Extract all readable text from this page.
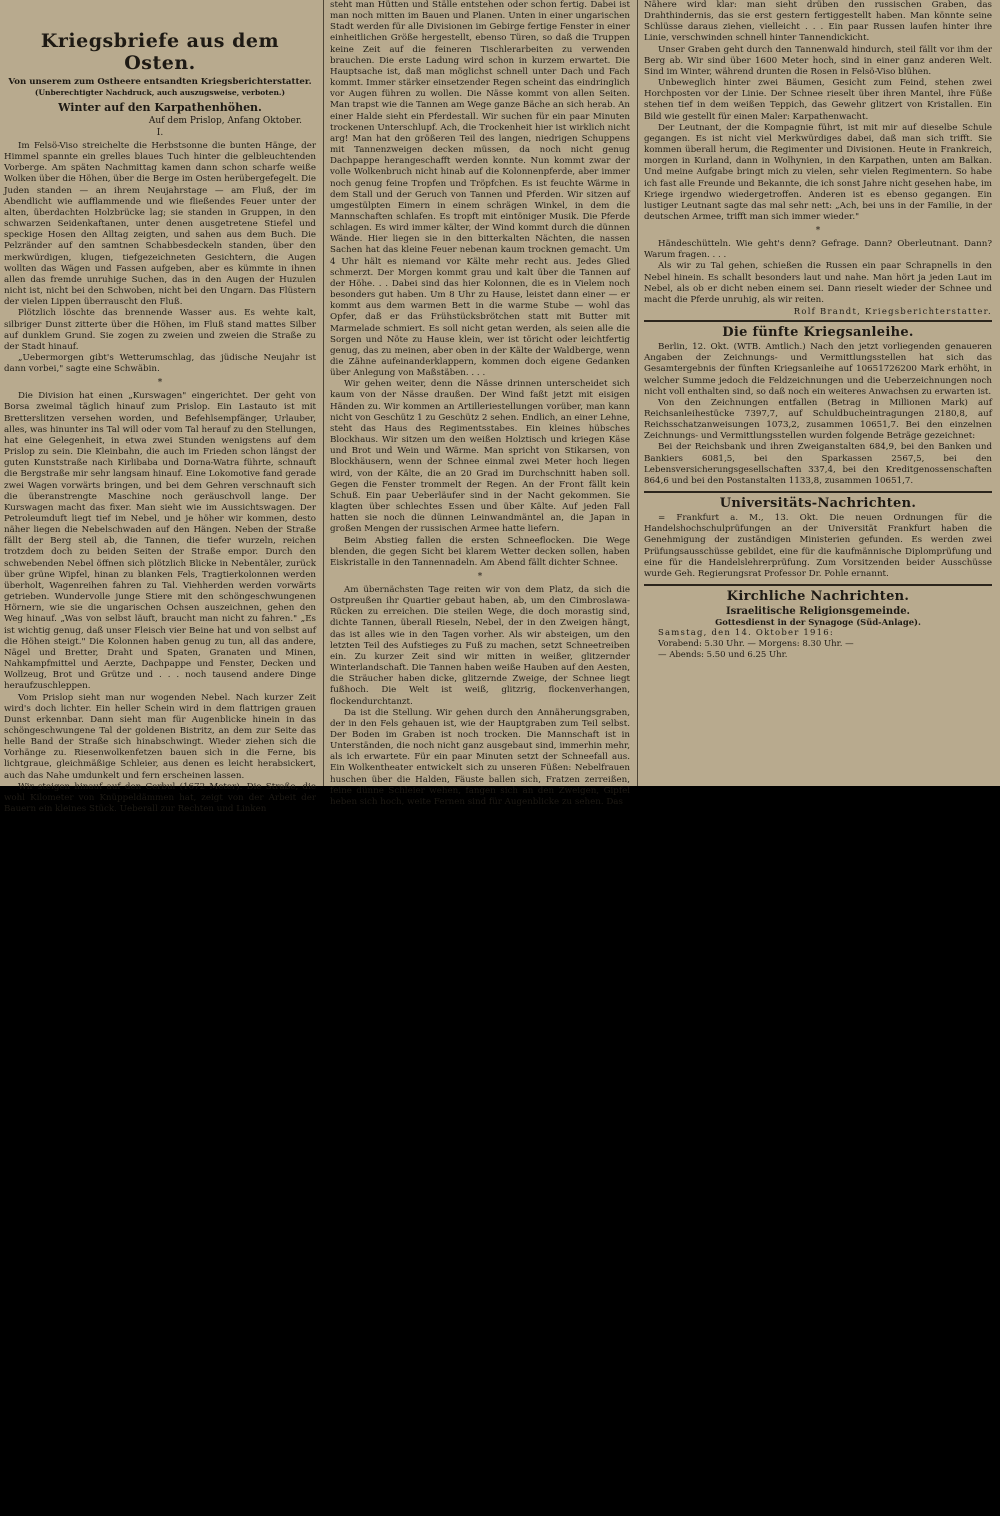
Kriegsbriefe aus dem Osten.
Von unserem zum Ostheere entsandten Kriegsberichterstatter.
(Unberechtigter Nachdruck, auch auszugsweise, verboten.)
Winter auf den Karpathenhöhen.
Auf dem Prislop, Anfang Oktober.
I.

Im Felsö-Viso streichelte die Herbstsonne die bunten Hänge, der Himmel spannte ein grelles blaues Tuch hinter die gelbleuchtenden Vorberge. Am späten Nachmittag kamen dann schon scharfe weiße Wolken über die Höhen, über die Berge im Osten herübergefegelt. Die Juden standen — an ihrem Neujahrstage — am Fluß, der im Abendlicht wie aufflammende und wie fließendes Feuer unter der alten, überdachten Holzbrücke lag; sie standen in Gruppen, in den schwarzen Seidenkaftanen, unter denen ausgetretene Stiefel und speckige Hosen den Alltag zeigten, und sahen aus dem Buch. Die Pelzränder auf den samtnen Schabbesdeckeln standen, über den merkwürdigen, klugen, tiefgezeichneten Gesichtern, die Augen wollten das Wägen und Fassen aufgeben, aber es kümmte in ihnen allen das fremde unruhige Suchen, das in den Augen der Huzulen nicht ist, nicht bei den Schwoben, nicht bei den Ungarn. Das Flüstern der vielen Lippen überrauscht den Fluß.

Plötzlich löschte das brennende Wasser aus. Es wehte kalt, silbriger Dunst zitterte über die Höhen, im Fluß stand mattes Silber auf dunklem Grund. Sie zogen zu zweien und zweien die Straße zu der Stadt hinauf.

„Uebermorgen gibt's Wetterumschlag, das jüdische Neujahr ist dann vorbei," sagte eine Schwäbin.

*

Die Division hat einen „Kurswagen" eingerichtet. Der geht von Borsa zweimal täglich hinauf zum Prislop. Ein Lastauto ist mit Bretterslitzen versehen worden, und Befehlsempfänger, Urlauber, alles, was hinunter ins Tal will oder vom Tal herauf zu den Stellungen, hat eine Gelegenheit, in etwa zwei Stunden wenigstens auf dem Prislop zu sein. Die Kleinbahn, die auch im Frieden schon längst der guten Kunststraße nach Kirlibaba und Dorna-Watra führte, schnauft die Bergstraße mir sehr langsam hinauf. Eine Lokomotive fand gerade zwei Wagen vorwärts bringen, und bei dem Gehren verschnauft sich die überanstrengte Maschine noch geräuschvoll lange. Der Kurswagen macht das fixer. Man sieht wie im Aussichtswagen. Der Petroleumduft liegt tief im Nebel, und je höher wir kommen, desto näher liegen die Nebelschwaden auf den Hängen. Neben der Straße fällt der Berg steil ab, die Tannen, die tiefer wurzeln, reichen trotzdem doch zu beiden Seiten der Straße empor. Durch den schwebenden Nebel öffnen sich plötzlich Blicke in Nebentäler, zurück über grüne Wipfel, hinan zu blanken Fels, Tragtierkolonnen werden überholt, Wagenreihen fahren zu Tal. Viehherden werden vorwärts getrieben. Wundervolle junge Stiere mit den schöngeschwungenen Hörnern, wie sie die ungarischen Ochsen auszeichnen, gehen den Weg hinauf. „Was von selbst läuft, braucht man nicht zu fahren." „Es ist wichtig genug, daß unser Fleisch vier Beine hat und von selbst auf die Höhen steigt." Die Kolonnen haben genug zu tun, all das andere, Nägel und Bretter, Draht und Spaten, Granaten und Minen, Nahkampfmittel und Aerzte, Dachpappe und Fenster, Decken und Wollzeug, Brot und Grütze und . . . noch tausend andere Dinge heraufzuschleppen.

Vom Prislop sieht man nur wogenden Nebel. Nach kurzer Zeit wird's doch lichter. Ein heller Schein wird in dem flattrigen grauen Dunst erkennbar. Dann sieht man für Augenblicke hinein in das schöngeschwungene Tal der goldenen Bistritz, an dem zur Seite das helle Band der Straße sich hinabschwingt. Wieder ziehen sich die Vorhänge zu. Riesenwolkenfetzen bauen sich in die Ferne, bis lichtgraue, gleichmäßige Schleier, aus denen es leicht herabsickert, auch das Nahe umdunkelt und fern erscheinen lassen.

Wir steigen hinauf auf den Cerbul (1672 Meter). Die Straße, die wohl Kilometer von Knüppeldämmen hat, zeigt von der Arbeit der Bauern ein kleines Stück. Ueberall zur Rechten und Linken

steht man Hütten und Ställe entstehen oder schon fertig. Dabei ist man noch mitten im Bauen und Planen. Unten in einer ungarischen Stadt werden für alle Divisionen im Gebirge fertige Fenster in einer einheitlichen Größe hergestellt, ebenso Türen, so daß die Truppen keine Zeit auf die feineren Tischlerarbeiten zu verwenden brauchen. Die erste Ladung wird schon in kurzem erwartet. Die Hauptsache ist, daß man möglichst schnell unter Dach und Fach kommt. Immer stärker einsetzender Regen scheint das eindringlich vor Augen führen zu wollen. Die Nässe kommt von allen Seiten. Man trapst wie die Tannen am Wege ganze Bäche an sich herab. An einer Halde sieht ein Pferdestall. Wir suchen für ein paar Minuten trockenen Unterschlupf. Ach, die Trockenheit hier ist wirklich nicht arg! Man hat den größeren Teil des langen, niedrigen Schuppens mit Tannenzweigen decken müssen, da noch nicht genug Dachpappe herangeschafft werden konnte. Nun kommt zwar der volle Wolkenbruch nicht hinab auf die Kolonnenpferde, aber immer noch genug feine Tropfen und Tröpfchen. Es ist feuchte Wärme in dem Stall und der Geruch von Tannen und Pferden. Wir sitzen auf umgestülpten Eimern in einem schrägen Winkel, in dem die Mannschaften schlafen. Es tropft mit eintöniger Musik. Die Pferde schlagen. Es wird immer kälter, der Wind kommt durch die dünnen Wände. Hier liegen sie in den bitterkalten Nächten, die nassen Sachen hat das kleine Feuer nebenan kaum trocknen gemacht. Um 4 Uhr hält es niemand vor Kälte mehr recht aus. Jedes Glied schmerzt. Der Morgen kommt grau und kalt über die Tannen auf der Höhe. . . Dabei sind das hier Kolonnen, die es in Vielem noch besonders gut haben. Um 8 Uhr zu Hause, leistet dann einer — er kommt aus dem warmen Bett in die warme Stube — wohl das Opfer, daß er das Frühstücksbrötchen statt mit Butter mit Marmelade schmiert. Es soll nicht getan werden, als seien alle die Sorgen und Nöte zu Hause klein, wer ist töricht oder leichtfertig genug, das zu meinen, aber oben in der Kälte der Waldberge, wenn die Zähne aufeinanderklappern, kommen doch eigene Gedanken über Anlegung von Maßstäben. . . .

Wir gehen weiter, denn die Nässe drinnen unterscheidet sich kaum von der Nässe draußen. Der Wind faßt jetzt mit eisigen Händen zu. Wir kommen an Artilleriestellungen vorüber, man kann nicht von Geschütz 1 zu Geschütz 2 sehen. Endlich, an einer Lehne, steht das Haus des Regimentsstabes. Ein kleines hübsches Blockhaus. Wir sitzen um den weißen Holztisch und kriegen Käse und Brot und Wein und Wärme. Man spricht von Stikarsen, von Blockhäusern, wenn der Schnee einmal zwei Meter hoch liegen wird, von der Kälte, die an 20 Grad im Durchschnitt haben soll. Gegen die Fenster trommelt der Regen. An der Front fällt kein Schuß. Ein paar Ueberläufer sind in der Nacht gekommen. Sie klagten über schlechtes Essen und über Kälte. Auf jeden Fall hatten sie noch die dünnen Leinwandmäntel an, die Japan in großen Mengen der russischen Armee hatte liefern.

Beim Abstieg fallen die ersten Schneeflocken. Die Wege blenden, die gegen Sicht bei klarem Wetter decken sollen, haben Eiskristalle in den Tannennadeln. Am Abend fällt dichter Schnee.

*

Am übernächsten Tage reiten wir von dem Platz, da sich die Ostpreußen ihr Quartier gebaut haben, ab, um den Cimbroslawa-Rücken zu erreichen. Die steilen Wege, die doch morastig sind, dichte Tannen, überall Rieseln, Nebel, der in den Zweigen hängt, das ist alles wie in den Tagen vorher. Als wir absteigen, um den letzten Teil des Aufstieges zu Fuß zu machen, setzt Schneetreiben ein. Zu kurzer Zeit sind wir mitten in weißer, glitzernder Winterlandschaft. Die Tannen haben weiße Hauben auf den Aesten, die Sträucher haben dicke, glitzernde Zweige, der Schnee liegt fußhoch. Die Welt ist weiß, glitzrig, flockenverhangen, flockendurchtanzt.

Da ist die Stellung. Wir gehen durch den Annäherungsgraben, der in den Fels gehauen ist, wie der Hauptgraben zum Teil selbst. Der Boden im Graben ist noch trocken. Die Mannschaft ist in Unterständen, die noch nicht ganz ausgebaut sind, immerhin mehr, als ich erwartete. Für ein paar Minuten setzt der Schneefall aus. Ein Wolkentheater entwickelt sich zu unseren Füßen: Nebelfrauen huschen über die Halden, Fäuste ballen sich, Fratzen zerreißen, feine dünne Schleier wehen, fangen sich an den Zweigen, Gipfel heben sich hoch, weite Fernen sind für Augenblicke zu sehen. Das

Nähere wird klar: man sieht drüben den russischen Graben, das Drahthindernis, das sie erst gestern fertiggestellt haben. Man könnte seine Schlüsse daraus ziehen, vielleicht . . . Ein paar Russen laufen hinter ihre Linie, verschwinden schnell hinter Tannendickicht.

Unser Graben geht durch den Tannenwald hindurch, steil fällt vor ihm der Berg ab. Wir sind über 1600 Meter hoch, sind in einer ganz anderen Welt. Sind im Winter, während drunten die Rosen in Felsö-Viso blühen.

Unbeweglich hinter zwei Bäumen, Gesicht zum Feind, stehen zwei Horchposten vor der Linie. Der Schnee rieselt über ihren Mantel, ihre Füße stehen tief in dem weißen Teppich, das Gewehr glitzert von Kristallen. Ein Bild wie gestellt für einen Maler: Karpathenwacht.

Der Leutnant, der die Kompagnie führt, ist mit mir auf dieselbe Schule gegangen. Es ist nicht viel Merkwürdiges dabei, daß man sich trifft. Sie kommen überall herum, die Regimenter und Divisionen. Heute in Frankreich, morgen in Kurland, dann in Wolhynien, in den Karpathen, unten am Balkan. Und meine Aufgabe bringt mich zu vielen, sehr vielen Regimentern. So habe ich fast alle Freunde und Bekannte, die ich sonst Jahre nicht gesehen habe, im Kriege irgendwo wiedergetroffen. Anderen ist es ebenso gegangen. Ein lustiger Leutnant sagte das mal sehr nett: „Ach, bei uns in der Familie, in der deutschen Armee, trifft man sich immer wieder."

*

Händeschütteln. Wie geht's denn? Gefrage. Dann? Oberleutnant. Dann? Warum fragen. . . .

Als wir zu Tal gehen, schießen die Russen ein paar Schrapnells in den Nebel hinein. Es schallt besonders laut und nahe. Man hört ja jeden Laut im Nebel, als ob er dicht neben einem sei. Dann rieselt wieder der Schnee und macht die Pferde unruhig, als wir reiten.

Rolf Brandt, Kriegsberichterstatter.
Die fünfte Kriegsanleihe.

Berlin, 12. Okt. (WTB. Amtlich.) Nach den jetzt vorliegenden genaueren Angaben der Zeichnungs- und Vermittlungsstellen hat sich das Gesamtergebnis der fünften Kriegsanleihe auf 10651726200 Mark erhöht, in welcher Summe jedoch die Feldzeichnungen und die Ueberzeichnungen noch nicht voll enthalten sind, so daß noch ein weiteres Anwachsen zu erwarten ist.

Von den Zeichnungen entfallen (Betrag in Millionen Mark) auf Reichsanleihestücke 7397,7, auf Schuldbucheintragungen 2180,8, auf Reichsschatzanweisungen 1073,2, zusammen 10651,7. Bei den einzelnen Zeichnungs- und Vermittlungsstellen wurden folgende Beträge gezeichnet:

Bei der Reichsbank und ihren Zweiganstalten 684,9, bei den Banken und Bankiers 6081,5, bei den Sparkassen 2567,5, bei den Lebensversicherungsgesellschaften 337,4, bei den Kreditgenossenschaften 864,6 und bei den Postanstalten 1133,8, zusammen 10651,7.

Universitäts-Nachrichten.

= Frankfurt a. M., 13. Okt. Die neuen Ordnungen für die Handelshochschulprüfungen an der Universität Frankfurt haben die Genehmigung der zuständigen Ministerien gefunden. Es werden zwei Prüfungsausschüsse gebildet, eine für die kaufmännische Diplomprüfung und eine für die Handelslehrerprüfung. Zum Vorsitzenden beider Ausschüsse wurde Geh. Regierungsrat Professor Dr. Pohle ernannt.

Kirchliche Nachrichten.
Israelitische Religionsgemeinde.
Gottesdienst in der Synagoge (Süd-Anlage).
Samstag, den 14. Oktober 1916:
Vorabend: 5.30 Uhr. — Morgens: 8.30 Uhr. —
— Abends: 5.50 und 6.25 Uhr.
